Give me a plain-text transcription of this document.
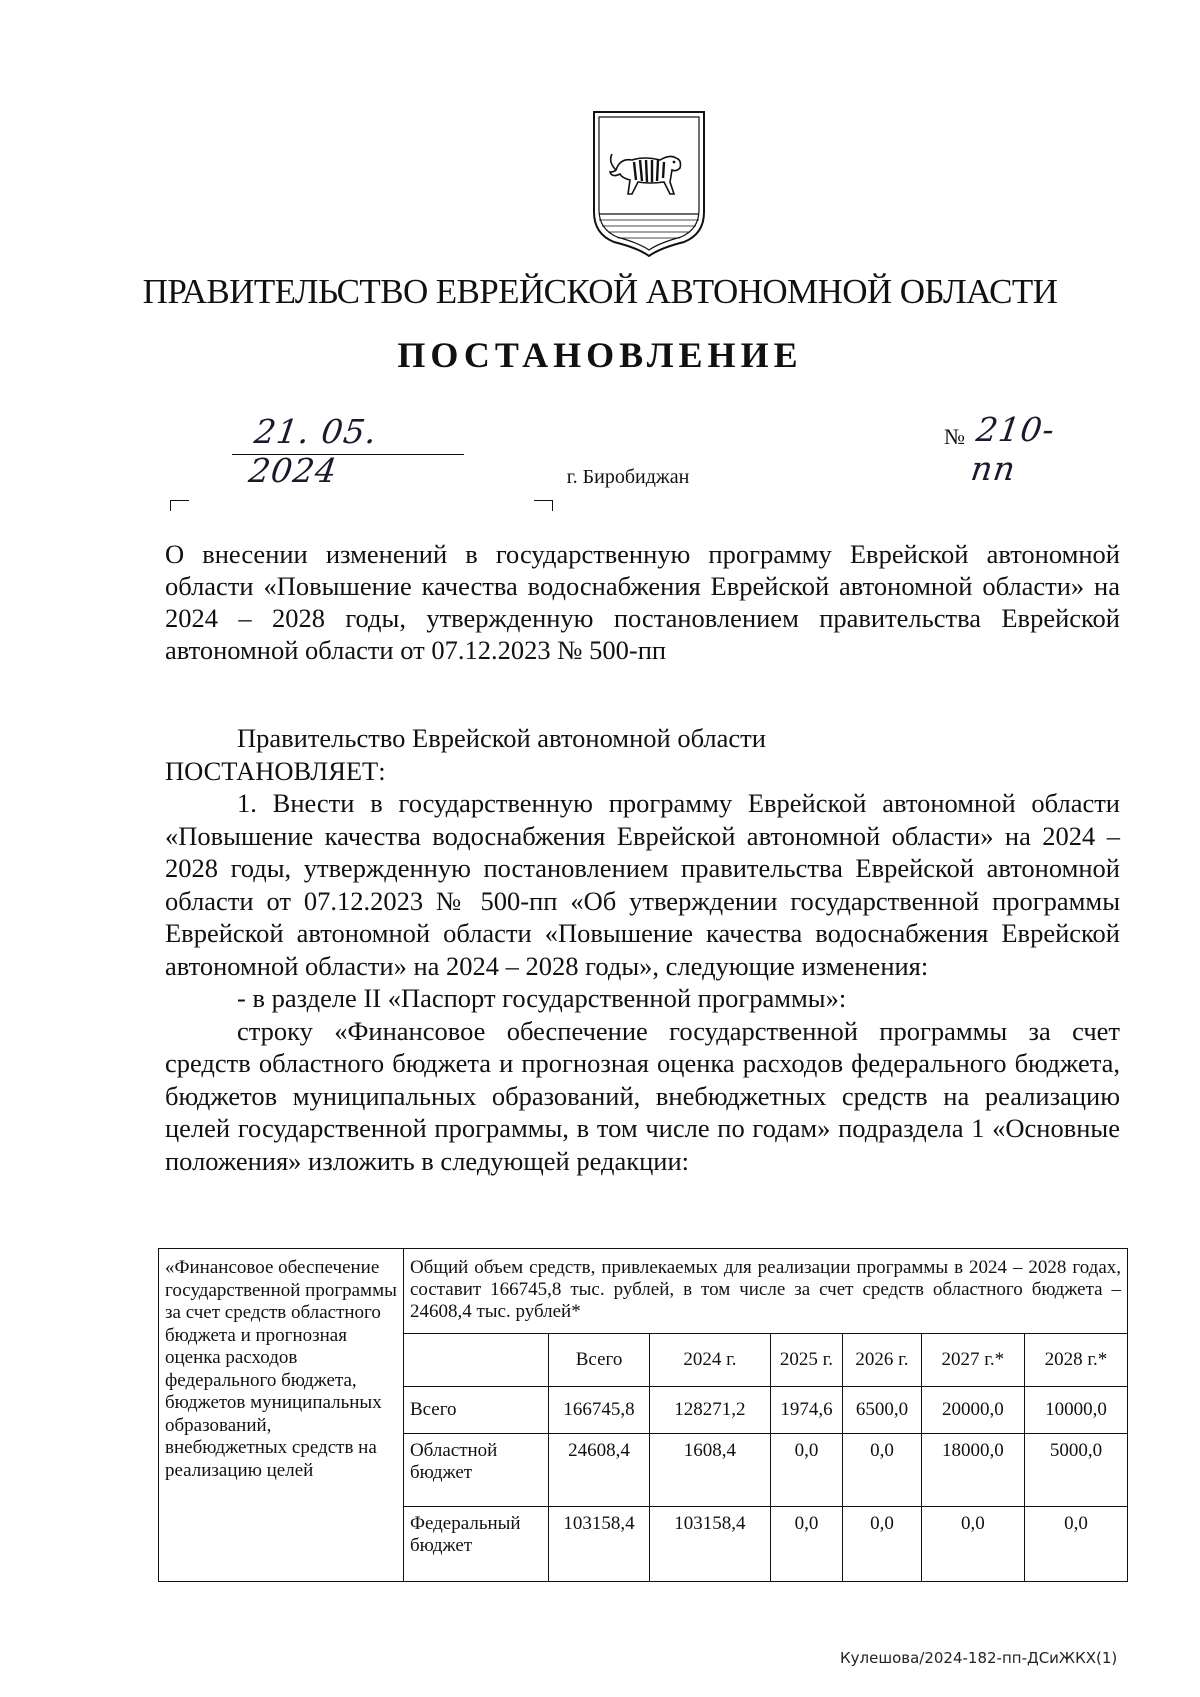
ПРАВИТЕЛЬСТВО ЕВРЕЙСКОЙ АВТОНОМНОЙ ОБЛАСТИ
ПОСТАНОВЛЕНИЕ
21. 05. 2024
№ 210-пп
г. Биробиджан
О внесении изменений в государственную программу Еврейской автономной области «Повышение качества водоснабжения Еврейской автономной области» на 2024 – 2028 годы, утвержденную постановлением правительства Еврейской автономной области от 07.12.2023 № 500-пп

Правительство Еврейской автономной области

ПОСТАНОВЛЯЕТ:

1. Внести в государственную программу Еврейской автономной области «Повышение качества водоснабжения Еврейской автономной области» на 2024 – 2028 годы, утвержденную постановлением правительства Еврейской автономной области от 07.12.2023 № 500-пп «Об утверждении государственной программы Еврейской автономной области «Повышение качества водоснабжения Еврейской автономной области» на 2024 – 2028 годы», следующие изменения:

- в разделе II «Паспорт государственной программы»:

строку «Финансовое обеспечение государственной программы за счет средств областного бюджета и прогнозная оценка расходов федерального бюджета, бюджетов муниципальных образований, внебюджетных средств на реализацию целей государственной программы, в том числе по годам» подраздела 1 «Основные положения» изложить в следующей редакции:

«Финансовое обеспечение государственной программы за счет средств областного бюджета и прогнозная оценка расходов федерального бюджета, бюджетов муниципальных образований, внебюджетных средств на реализацию целей	Общий объем средств, привлекаемых для реализации программы в 2024 – 2028 годах, составит 166745,8 тыс. рублей, в том числе за счет средств областного бюджета – 24608,4 тыс. рублей*						
		Всего	2024 г.	2025 г.	2026 г.	2027 г.*	2028 г.*
	Всего	166745,8	128271,2	1974,6	6500,0	20000,0	10000,0
	Областной бюджет	24608,4	1608,4	0,0	0,0	18000,0	5000,0
	Федеральный бюджет	103158,4	103158,4	0,0	0,0	0,0	0,0
Кулешова/2024-182-пп-ДСиЖКХ(1)
